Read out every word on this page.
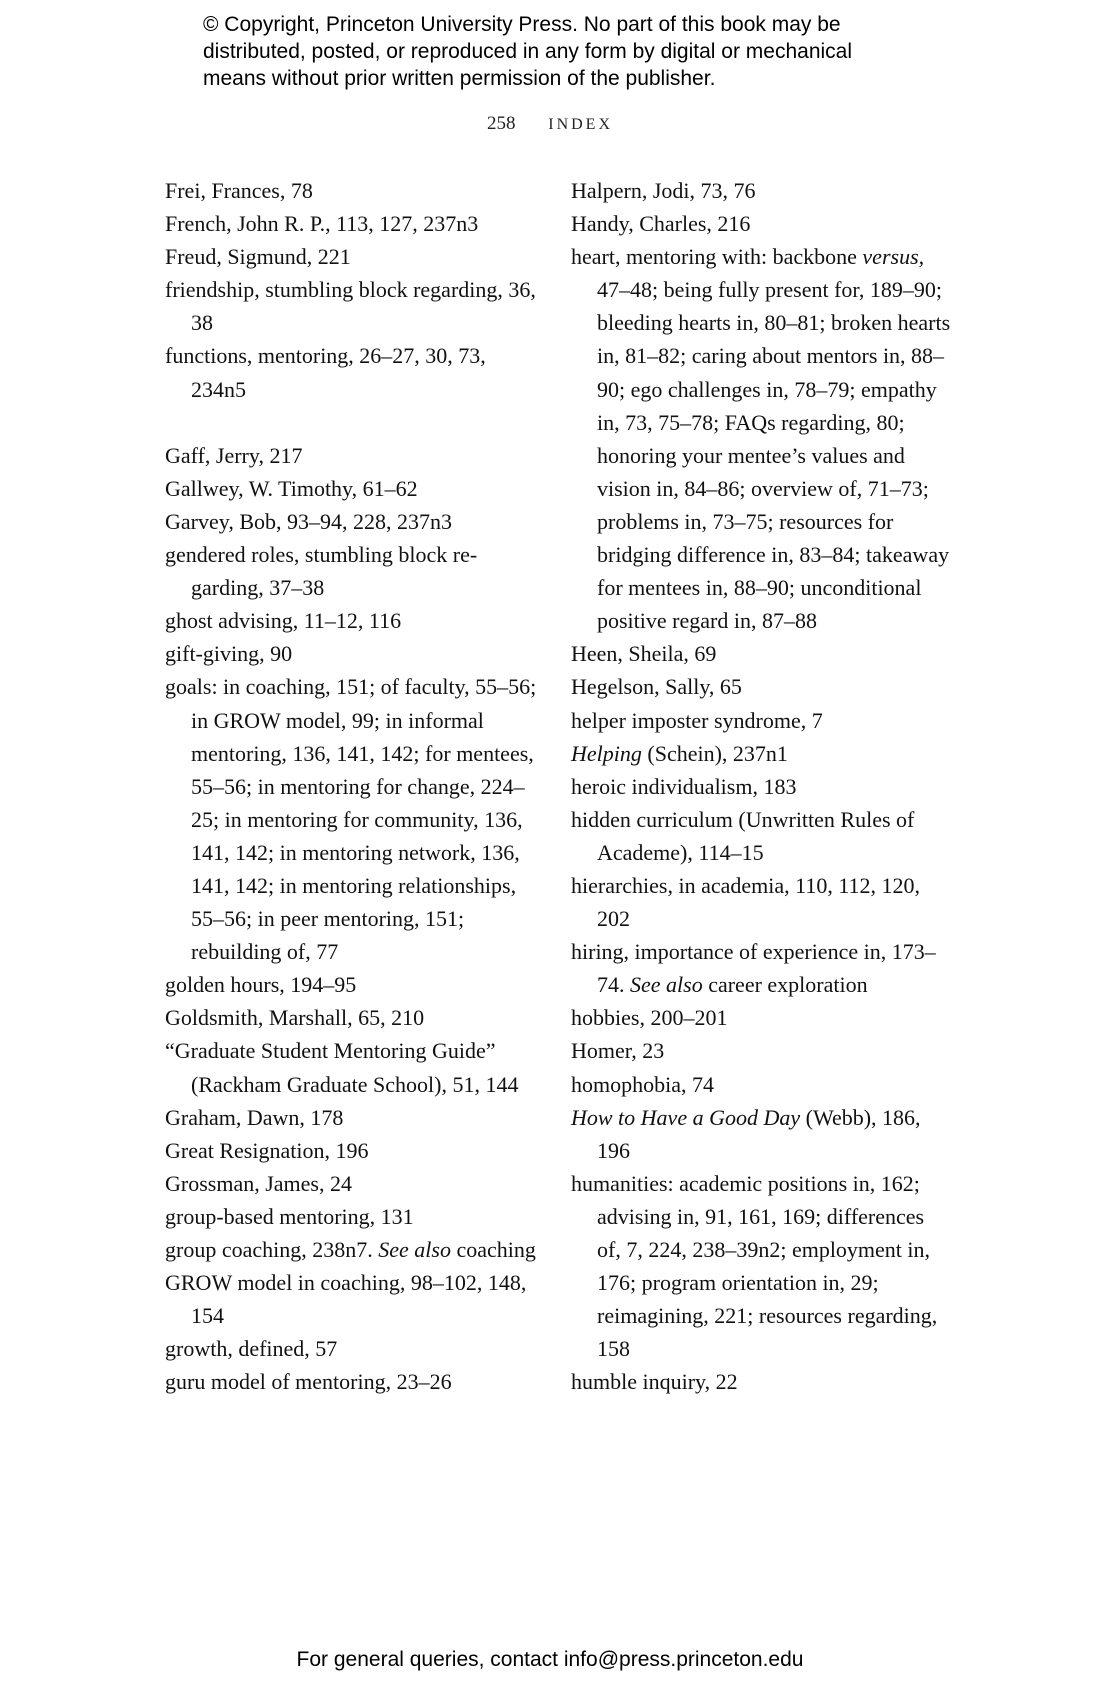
© Copyright, Princeton University Press. No part of this book may be
distributed, posted, or reproduced in any form by digital or mechanical
means without prior written permission of the publisher.
258 INDEX
Frei, Frances, 78
French, John R. P., 113, 127, 237n3
Freud, Sigmund, 221
friendship, stumbling block regarding, 36, 38
functions, mentoring, 26–27, 30, 73, 234n5
Gaff, Jerry, 217
Gallwey, W. Timothy, 61–62
Garvey, Bob, 93–94, 228, 237n3
gendered roles, stumbling block regarding, 37–38
ghost advising, 11–12, 116
gift-giving, 90
goals: in coaching, 151; of faculty, 55–56; in GROW model, 99; in informal mentoring, 136, 141, 142; for mentees, 55–56; in mentoring for change, 224–25; in mentoring for community, 136, 141, 142; in mentoring network, 136, 141, 142; in mentoring relationships, 55–56; in peer mentoring, 151; rebuilding of, 77
golden hours, 194–95
Goldsmith, Marshall, 65, 210
“Graduate Student Mentoring Guide” (Rackham Graduate School), 51, 144
Graham, Dawn, 178
Great Resignation, 196
Grossman, James, 24
group-based mentoring, 131
group coaching, 238n7. See also coaching
GROW model in coaching, 98–102, 148, 154
growth, defined, 57
guru model of mentoring, 23–26
Halpern, Jodi, 73, 76
Handy, Charles, 216
heart, mentoring with: backbone versus, 47–48; being fully present for, 189–90; bleeding hearts in, 80–81; broken hearts in, 81–82; caring about mentors in, 88–90; ego challenges in, 78–79; empathy in, 73, 75–78; FAQs regarding, 80; honoring your mentee’s values and vision in, 84–86; overview of, 71–73; problems in, 73–75; resources for bridging difference in, 83–84; takeaway for mentees in, 88–90; unconditional positive regard in, 87–88
Heen, Sheila, 69
Hegelson, Sally, 65
helper imposter syndrome, 7
Helping (Schein), 237n1
heroic individualism, 183
hidden curriculum (Unwritten Rules of Academe), 114–15
hierarchies, in academia, 110, 112, 120, 202
hiring, importance of experience in, 173–74. See also career exploration
hobbies, 200–201
Homer, 23
homophobia, 74
How to Have a Good Day (Webb), 186, 196
humanities: academic positions in, 162; advising in, 91, 161, 169; differences of, 7, 224, 238–39n2; employment in, 176; program orientation in, 29; reimagining, 221; resources regarding, 158
humble inquiry, 22
For general queries, contact info@press.princeton.edu
